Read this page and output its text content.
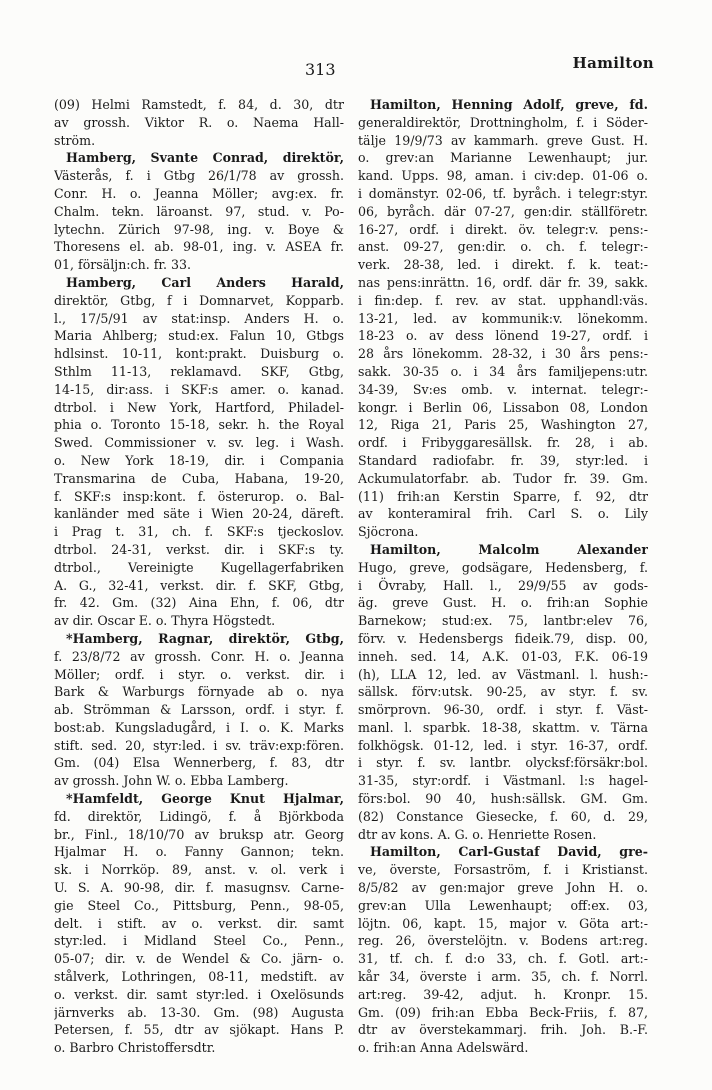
313	Hamilton
(09) Helmi Ramstedt, f. 84, d. 30, dtr
av grossh. Viktor R. o. Naema Hall-
ström.
Hamberg, Svante Conrad, direktör,
Västerås, f. i Gtbg 26/1/78 av grossh.
Conr. H. o. Jeanna Möller; avg:ex. fr.
Chalm. tekn. läroanst. 97, stud. v. Po-
lytechn. Zürich 97-98, ing. v. Boye &
Thoresens el. ab. 98-01, ing. v. ASEA fr.
01, försäljn:ch. fr. 33.
Hamberg, Carl Anders Harald,
direktör, Gtbg, f i Domnarvet, Kopparb.
l., 17/5/91 av stat:insp. Anders H. o.
Maria Ahlberg; stud:ex. Falun 10, Gtbgs
hdlsinst. 10-11, kont:prakt. Duisburg o.
Sthlm 11-13, reklamavd. SKF, Gtbg,
14-15, dir:ass. i SKF:s amer. o. kanad.
dtrbol. i New York, Hartford, Philadel-
phia o. Toronto 15-18, sekr. h. the Royal
Swed. Commissioner v. sv. leg. i Wash.
o. New York 18-19, dir. i Compania
Transmarina de Cuba, Habana, 19-20,
f. SKF:s insp:kont. f. österurop. o. Bal-
kanländer med säte i Wien 20-24, däreft.
i Prag t. 31, ch. f. SKF:s tjeckoslov.
dtrbol. 24-31, verkst. dir. i SKF:s ty.
dtrbol., Vereinigte Kugellagerfabriken
A. G., 32-41, verkst. dir. f. SKF, Gtbg,
fr. 42. Gm. (32) Aina Ehn, f. 06, dtr
av dir. Oscar E. o. Thyra Högstedt.
*Hamberg, Ragnar, direktör, Gtbg,
f. 23/8/72 av grossh. Conr. H. o. Jeanna
Möller; ordf. i styr. o. verkst. dir. i
Bark & Warburgs förnyade ab o. nya
ab. Strömman & Larsson, ordf. i styr. f.
bost:ab. Kungsladugård, i I. o. K. Marks
stift. sed. 20, styr:led. i sv. träv:exp:fören.
Gm. (04) Elsa Wennerberg, f. 83, dtr
av grossh. John W. o. Ebba Lamberg.
*Hamfeldt, George Knut Hjalmar,
fd. direktör, Lidingö, f. å Björkboda
br., Finl., 18/10/70 av bruksp atr. Georg
Hjalmar H. o. Fanny Gannon; tekn.
sk. i Norrköp. 89, anst. v. ol. verk i
U. S. A. 90-98, dir. f. masugnsv. Carne-
gie Steel Co., Pittsburg, Penn., 98-05,
delt. i stift. av o. verkst. dir. samt
styr:led. i Midland Steel Co., Penn.,
05-07; dir. v. de Wendel & Co. järn- o.
stålverk, Lothringen, 08-11, medstift. av
o. verkst. dir. samt styr:led. i Oxelösunds
järnverks ab. 13-30. Gm. (98) Augusta
Petersen, f. 55, dtr av sjökapt. Hans P.
o. Barbro Christoffersdtr.
Hamilton, Henning Adolf, greve, fd.
generaldirektör, Drottningholm, f. i Söder-
tälje 19/9/73 av kammarh. greve Gust. H.
o. grev:an Marianne Lewenhaupt; jur.
kand. Upps. 98, aman. i civ:dep. 01-06 o.
i domänstyr. 02-06, tf. byråch. i telegr:styr.
06, byråch. där 07-27, gen:dir. ställföretr.
16-27, ordf. i direkt. öv. telegr:v. pens:-
anst. 09-27, gen:dir. o. ch. f. telegr:-
verk. 28-38, led. i direkt. f. k. teat:-
nas pens:inrättn. 16, ordf. där fr. 39, sakk.
i fin:dep. f. rev. av stat. upphandl:väs.
13-21, led. av kommunik:v. lönekomm.
18-23 o. av dess lönend 19-27, ordf. i
28 års lönekomm. 28-32, i 30 års pens:-
sakk. 30-35 o. i 34 års familjepens:utr.
34-39, Sv:es omb. v. internat. telegr:-
kongr. i Berlin 06, Lissabon 08, London
12, Riga 21, Paris 25, Washington 27,
ordf. i Fribyggaresällsk. fr. 28, i ab.
Standard radiofabr. fr. 39, styr:led. i
Ackumulatorfabr. ab. Tudor fr. 39. Gm.
(11) frih:an Kerstin Sparre, f. 92, dtr
av konteramiral frih. Carl S. o. Lily
Sjöcrona.
Hamilton, Malcolm Alexander
Hugo, greve, godsägare, Hedensberg, f.
i Övraby, Hall. l., 29/9/55 av gods-
äg. greve Gust. H. o. frih:an Sophie
Barnekow; stud:ex. 75, lantbr:elev 76,
förv. v. Hedensbergs fideik.79, disp. 00,
inneh. sed. 14, A.K. 01-03, F.K. 06-19
(h), LLA 12, led. av Västmanl. l. hush:-
sällsk. förv:utsk. 90-25, av styr. f. sv.
smörprovn. 96-30, ordf. i styr. f. Väst-
manl. l. sparbk. 18-38, skattm. v. Tärna
folkhögsk. 01-12, led. i styr. 16-37, ordf.
i styr. f. sv. lantbr. olycksf:försäkr:bol.
31-35, styr:ordf. i Västmanl. l:s hagel-
förs:bol. 90 40, hush:sällsk. GM. Gm.
(82) Constance Giesecke, f. 60, d. 29,
dtr av kons. A. G. o. Henriette Rosen.
Hamilton, Carl-Gustaf David, gre-
ve, överste, Forsaström, f. i Kristianst.
8/5/82 av gen:major greve John H. o.
grev:an Ulla Lewenhaupt; off:ex. 03,
löjtn. 06, kapt. 15, major v. Göta art:-
reg. 26, överstelöjtn. v. Bodens art:reg.
31, tf. ch. f. d:o 33, ch. f. Gotl. art:-
kår 34, överste i arm. 35, ch. f. Norrl.
art:reg. 39-42, adjut. h. Kronpr. 15.
Gm. (09) frih:an Ebba Beck-Friis, f. 87,
dtr av överstekammarj. frih. Joh. B.-F.
o. frih:an Anna Adelswärd.
